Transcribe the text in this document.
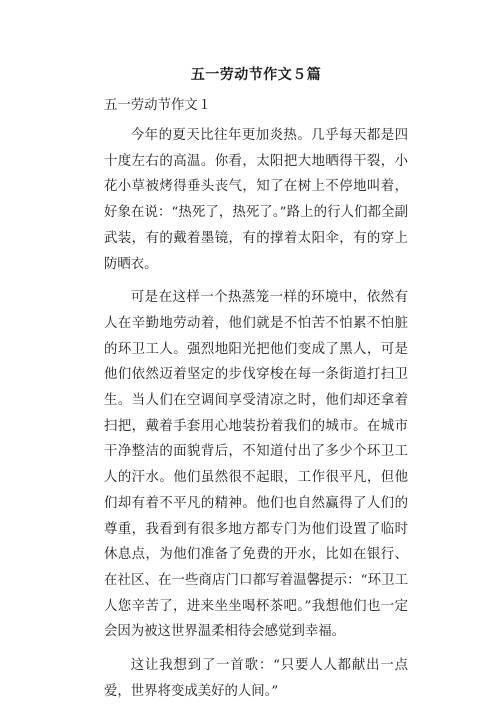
五一劳动节作文５篇
五一劳动节作文１

今年的夏天比往年更加炎热。几乎每天都是四十度左右的高温。你看，太阳把大地晒得干裂，小花小草被烤得垂头丧气，知了在树上不停地叫着，好象在说：“热死了，热死了。”路上的行人们都全副武装，有的戴着墨镜，有的撑着太阳伞，有的穿上防晒衣。

可是在这样一个热蒸笼一样的环境中，依然有人在辛勤地劳动着，他们就是不怕苦不怕累不怕脏的环卫工人。强烈地阳光把他们变成了黑人，可是他们依然迈着坚定的步伐穿梭在每一条街道打扫卫生。当人们在空调间享受清凉之时，他们却还拿着扫把，戴着手套用心地装扮着我们的城市。在城市干净整洁的面貌背后，不知道付出了多少个环卫工人的汗水。他们虽然很不起眼，工作很平凡，但他们却有着不平凡的精神。他们也自然赢得了人们的尊重，我看到有很多地方都专门为他们设置了临时休息点，为他们准备了免费的开水，比如在银行、在社区、在一些商店门口都写着温馨提示：“环卫工人您辛苦了，进来坐坐喝杯茶吧。”我想他们也一定会因为被这世界温柔相待会感觉到幸福。

这让我想到了一首歌：“只要人人都献出一点爱，世界将变成美好的人间。”
